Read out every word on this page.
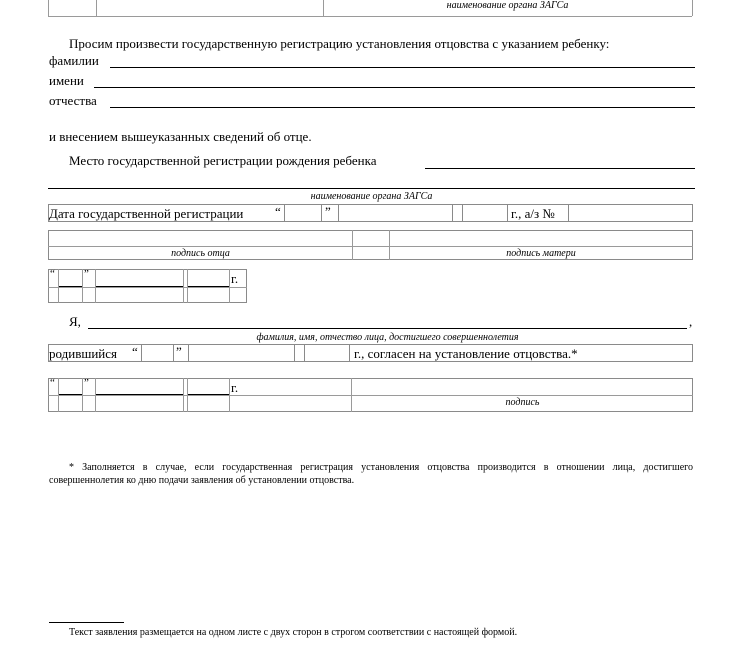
наименование органа ЗАГСа
Просим произвести государственную регистрацию установления отцовства с указанием ребенку:
фамилии
имени
отчества
и внесением вышеуказанных сведений об отце.
Место государственной регистрации рождения ребенка
наименование органа ЗАГСа
Дата государственной регистрации “	”	г., а/з №
подпись отца	подпись матери
“	”	г.
Я,	,
фамилия, имя, отчество лица, достигшего совершеннолетия
родившийся “	”	г., согласен на установление отцовства.*
“	”	г.
подпись
* Заполняется в случае, если государственная регистрация установления отцовства производится в отношении лица, достигшего совершеннолетия ко дню подачи заявления об установлении отцовства.
Текст заявления размещается на одном листе с двух сторон в строгом соответствии с настоящей формой.
